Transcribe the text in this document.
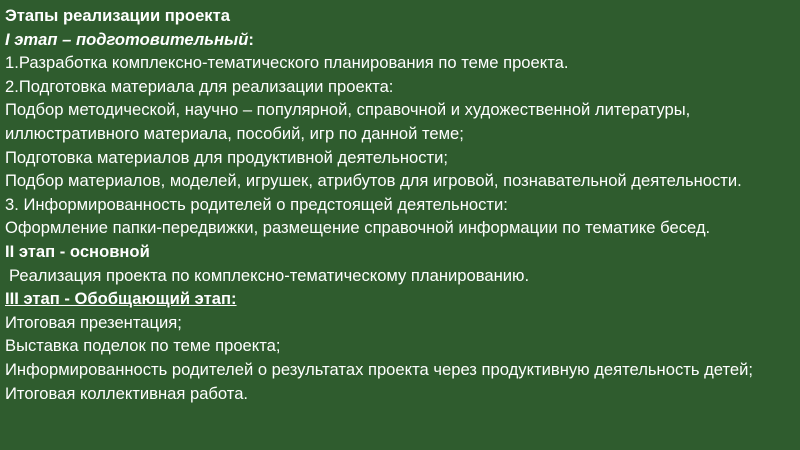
Этапы реализации проекта
I этап – подготовительный:
1.Разработка комплексно-тематического планирования по теме проекта.
2.Подготовка материала для реализации проекта:
Подбор методической, научно – популярной, справочной и художественной литературы, иллюстративного материала, пособий, игр по данной теме;
Подготовка материалов для продуктивной деятельности;
Подбор материалов, моделей, игрушек, атрибутов для игровой, познавательной деятельности.
3. Информированность родителей о предстоящей деятельности:
Оформление папки-передвижки, размещение справочной информации по тематике бесед.
II этап - основной
Реализация проекта по комплексно-тематическому планированию.
III этап - Обобщающий этап:
Итоговая презентация;
Выставка поделок по теме проекта;
Информированность родителей о результатах проекта через продуктивную деятельность детей;
Итоговая коллективная работа.
